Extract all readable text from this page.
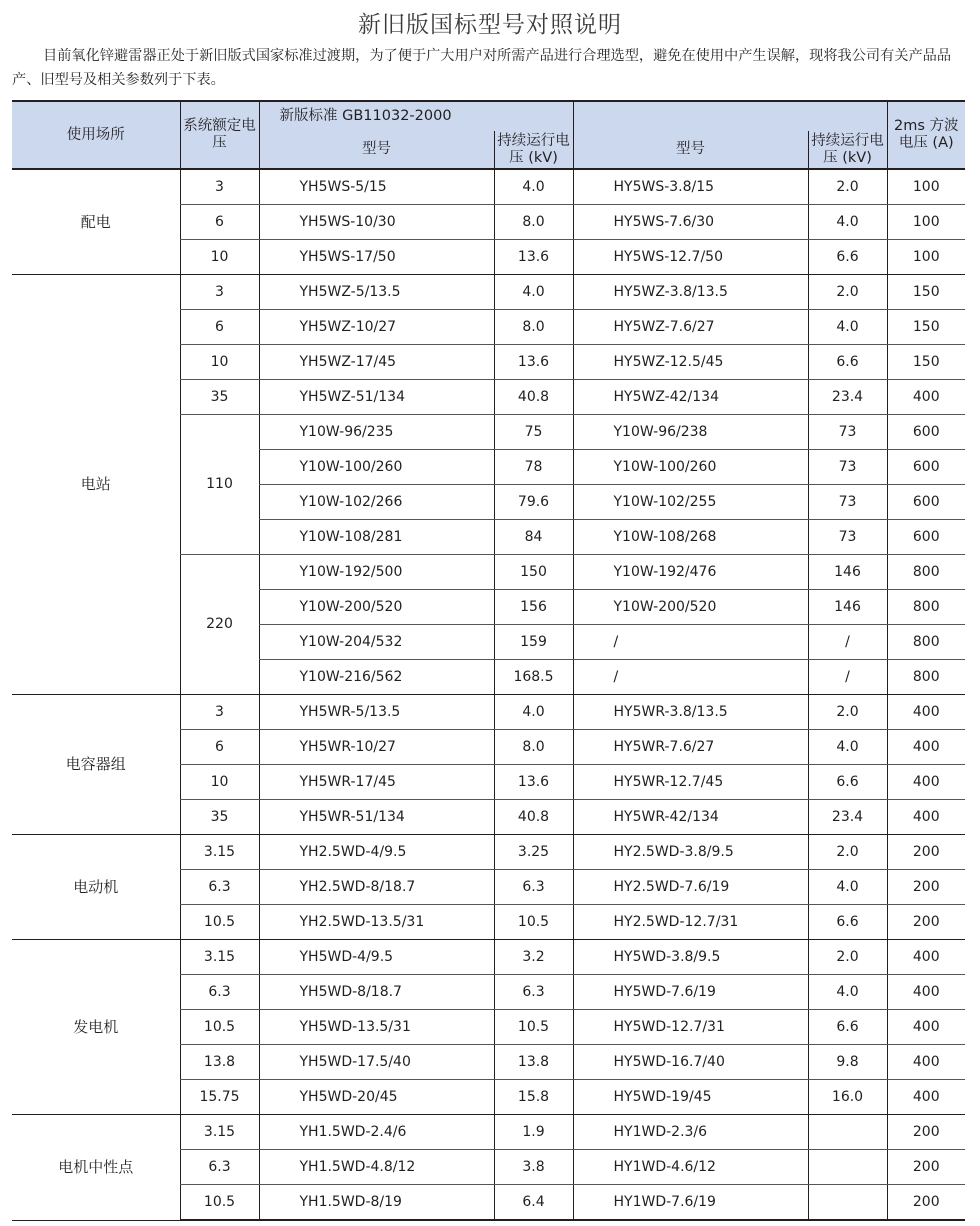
新旧版国标型号对照说明
目前氧化锌避雷器正处于新旧版式国家标准过渡期，为了便于广大用户对所需产品进行合理选型，避免在使用中产生误解，现将我公司有关产品品产、旧型号及相关参数列于下表。
使用场所	系统额定电压	新版标准 GB11032-2000				2ms 方波电压 (A)
		型号	持续运行电压 (kV)	型号	持续运行电压 (kV)	
配电	3	YH5WS-5/15	4.0	HY5WS-3.8/15	2.0	100
	6	YH5WS-10/30	8.0	HY5WS-7.6/30	4.0	100
	10	YH5WS-17/50	13.6	HY5WS-12.7/50	6.6	100
电站	3	YH5WZ-5/13.5	4.0	HY5WZ-3.8/13.5	2.0	150
	6	YH5WZ-10/27	8.0	HY5WZ-7.6/27	4.0	150
	10	YH5WZ-17/45	13.6	HY5WZ-12.5/45	6.6	150
	35	YH5WZ-51/134	40.8	HY5WZ-42/134	23.4	400
	110	Y10W-96/235	75	Y10W-96/238	73	600
		Y10W-100/260	78	Y10W-100/260	73	600
		Y10W-102/266	79.6	Y10W-102/255	73	600
		Y10W-108/281	84	Y10W-108/268	73	600
	220	Y10W-192/500	150	Y10W-192/476	146	800
		Y10W-200/520	156	Y10W-200/520	146	800
		Y10W-204/532	159	/	/	800
		Y10W-216/562	168.5	/	/	800
电容器组	3	YH5WR-5/13.5	4.0	HY5WR-3.8/13.5	2.0	400
	6	YH5WR-10/27	8.0	HY5WR-7.6/27	4.0	400
	10	YH5WR-17/45	13.6	HY5WR-12.7/45	6.6	400
	35	YH5WR-51/134	40.8	HY5WR-42/134	23.4	400
电动机	3.15	YH2.5WD-4/9.5	3.25	HY2.5WD-3.8/9.5	2.0	200
	6.3	YH2.5WD-8/18.7	6.3	HY2.5WD-7.6/19	4.0	200
	10.5	YH2.5WD-13.5/31	10.5	HY2.5WD-12.7/31	6.6	200
发电机	3.15	YH5WD-4/9.5	3.2	HY5WD-3.8/9.5	2.0	400
	6.3	YH5WD-8/18.7	6.3	HY5WD-7.6/19	4.0	400
	10.5	YH5WD-13.5/31	10.5	HY5WD-12.7/31	6.6	400
	13.8	YH5WD-17.5/40	13.8	HY5WD-16.7/40	9.8	400
	15.75	YH5WD-20/45	15.8	HY5WD-19/45	16.0	400
电机中性点	3.15	YH1.5WD-2.4/6	1.9	HY1WD-2.3/6		200
	6.3	YH1.5WD-4.8/12	3.8	HY1WD-4.6/12		200
	10.5	YH1.5WD-8/19	6.4	HY1WD-7.6/19		200
